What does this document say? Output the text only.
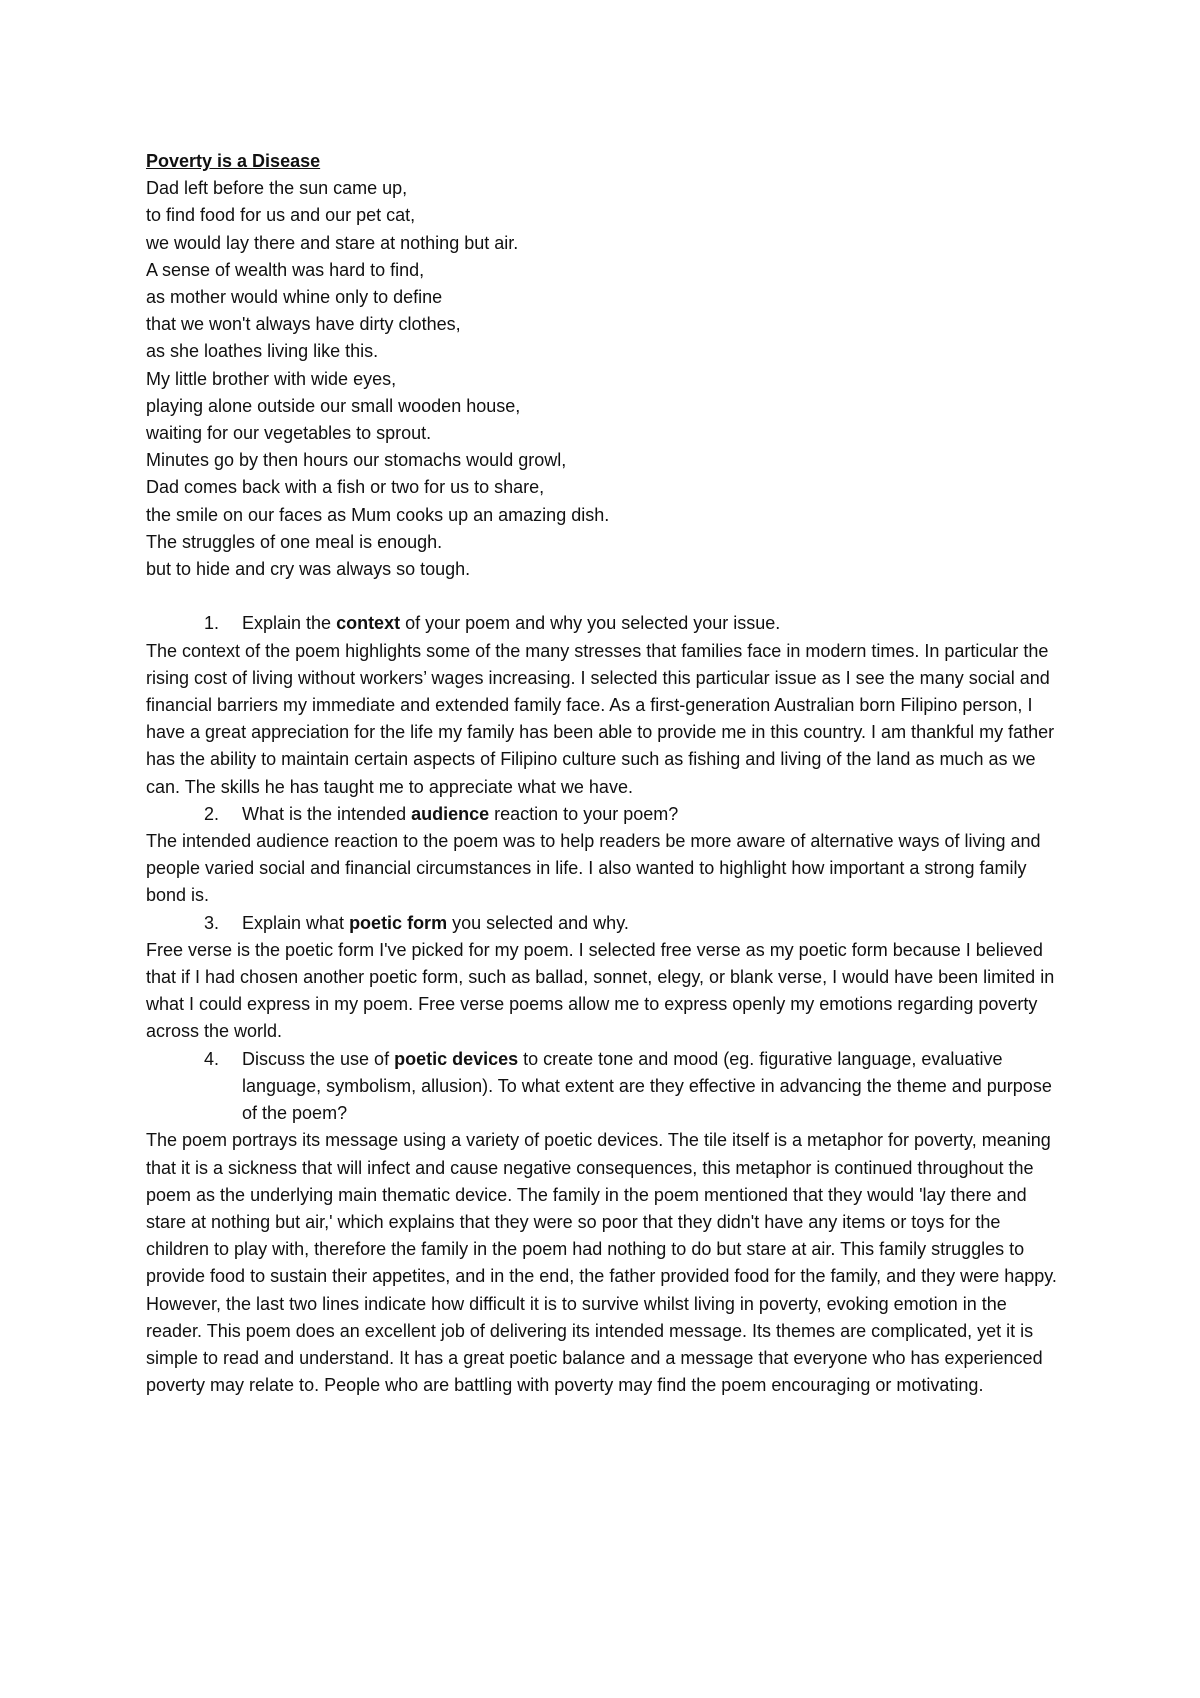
Poverty is a Disease

Dad left before the sun came up,

to find food for us and our pet cat,

we would lay there and stare at nothing but air.

A sense of wealth was hard to find,

as mother would whine only to define

that we won't always have dirty clothes,

as she loathes living like this.

My little brother with wide eyes,

playing alone outside our small wooden house,

waiting for our vegetables to sprout.

Minutes go by then hours our stomachs would growl,

Dad comes back with a fish or two for us to share,

the smile on our faces as Mum cooks up an amazing dish.

The struggles of one meal is enough.

but to hide and cry was always so tough.

1. Explain the context of your poem and why you selected your issue.

The context of the poem highlights some of the many stresses that families face in modern times. In particular the rising cost of living without workers’ wages increasing. I selected this particular issue as I see the many social and financial barriers my immediate and extended family face. As a first-generation Australian born Filipino person, I have a great appreciation for the life my family has been able to provide me in this country. I am thankful my father has the ability to maintain certain aspects of Filipino culture such as fishing and living of the land as much as we can. The skills he has taught me to appreciate what we have.

2. What is the intended audience reaction to your poem?

The intended audience reaction to the poem was to help readers be more aware of alternative ways of living and people varied social and financial circumstances in life. I also wanted to highlight how important a strong family bond is.

3. Explain what poetic form you selected and why.

Free verse is the poetic form I've picked for my poem. I selected free verse as my poetic form because I believed that if I had chosen another poetic form, such as ballad, sonnet, elegy, or blank verse, I would have been limited in what I could express in my poem. Free verse poems allow me to express openly my emotions regarding poverty across the world.

4. Discuss the use of poetic devices to create tone and mood (eg. figurative language, evaluative language, symbolism, allusion). To what extent are they effective in advancing the theme and purpose of the poem?

The poem portrays its message using a variety of poetic devices. The tile itself is a metaphor for poverty, meaning that it is a sickness that will infect and cause negative consequences, this metaphor is continued throughout the poem as the underlying main thematic device. The family in the poem mentioned that they would 'lay there and stare at nothing but air,' which explains that they were so poor that they didn't have any items or toys for the children to play with, therefore the family in the poem had nothing to do but stare at air. This family struggles to provide food to sustain their appetites, and in the end, the father provided food for the family, and they were happy. However, the last two lines indicate how difficult it is to survive whilst living in poverty, evoking emotion in the reader. This poem does an excellent job of delivering its intended message. Its themes are complicated, yet it is simple to read and understand. It has a great poetic balance and a message that everyone who has experienced poverty may relate to. People who are battling with poverty may find the poem encouraging or motivating.
